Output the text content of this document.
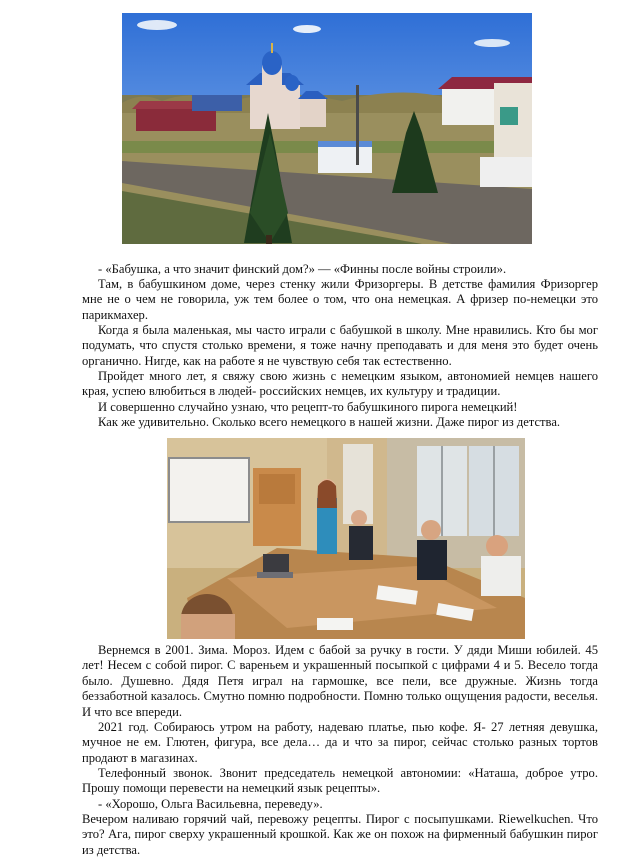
- «Бабушка, а что значит финский дом?» — «Финны после войны строили».

Там, в бабушкином доме, через стенку жили Фризоргеры. В детстве фамилия Фризоргер мне не о чем не говорила, уж тем более о том, что она немецкая. А фризер по-немецки это парикмахер.

Когда я была маленькая, мы часто играли с бабушкой в школу. Мне нравились. Кто бы мог подумать, что спустя столько времени, я тоже начну преподавать и для меня это будет очень органично. Нигде, как на работе я не чувствую себя так естественно.

Пройдет много лет, я свяжу свою жизнь с немецким языком, автономией немцев нашего края, успею влюбиться в людей- российских немцев, их культуру и традиции.

И совершенно случайно узнаю, что рецепт-то бабушкиного пирога немецкий!

Как же удивительно. Сколько всего немецкого в нашей жизни. Даже пирог из детства.

Вернемся в 2001. Зима. Мороз. Идем с бабой за ручку в гости. У дяди Миши юбилей. 45 лет! Несем с собой пирог. С вареньем и украшенный посыпкой с цифрами 4 и 5. Весело тогда было. Душевно. Дядя Петя играл на гармошке, все пели, все дружные. Жизнь тогда беззаботной казалось. Смутно помню подробности. Помню только ощущения радости, веселья. И что все впереди.

2021 год. Собираюсь утром на работу, надеваю платье, пью кофе. Я- 27 летняя девушка, мучное не ем. Глютен, фигура, все дела… да и что за пирог, сейчас столько разных тортов продают в магазинах.

Телефонный звонок. Звонит председатель немецкой автономии: «Наташа, доброе утро. Прошу помощи перевести на немецкий язык рецепты».

- «Хорошо, Ольга Васильевна, переведу».

Вечером наливаю горячий чай, перевожу рецепты. Пирог с посыпушками. Riewelkuchen. Что это? Ага, пирог сверху украшенный крошкой. Как же он похож на фирменный бабушкин пирог из детства.
